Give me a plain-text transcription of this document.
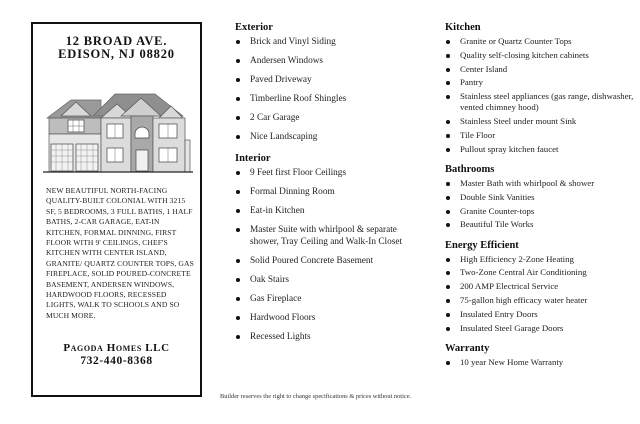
12 BROAD AVE.
EDISON, NJ 08820
NEW BEAUTIFUL NORTH-FACING QUALITY-BUILT COLONIAL WITH 3215 SF, 5 BEDROOMS, 3 FULL BATHS, 1 HALF BATHS, 2-CAR GARAGE, EAT-IN KITCHEN, FORMAL DINNING, FIRST FLOOR WITH 9' CEILINGS, CHEF'S KITCHEN WITH CENTER ISLAND, GRANITE/ QUARTZ COUNTER TOPS, GAS FIREPLACE, SOLID POURED-CONCRETE BASEMENT, ANDERSEN WINDOWS, HARDWOOD FLOORS, RECESSED LIGHTS, WALK TO SCHOOLS AND SO MUCH MORE.
Pagoda Homes LLC
732-440-8368
Exterior
Brick and Vinyl Siding
Andersen Windows
Paved Driveway
Timberline Roof Shingles
2 Car Garage
Nice Landscaping
Interior
9 Feet first Floor Ceilings
Formal Dinning Room
Eat-in Kitchen
Master Suite with whirlpool & separate shower, Tray Ceiling and Walk-In Closet
Solid Poured Concrete Basement
Oak Stairs
Gas Fireplace
Hardwood Floors
Recessed Lights
Kitchen
Granite or Quartz Counter Tops
Quality self-closing kitchen cabinets
Center Island
Pantry
Stainless steel appliances (gas range, dishwasher, vented chimney hood)
Stainless Steel under mount Sink
Tile Floor
Pullout spray kitchen faucet
Bathrooms
Master Bath with whirlpool & shower
Double Sink Vanities
Granite Counter-tops
Beautiful Tile Works
Energy Efficient
High Efficiency 2-Zone Heating
Two-Zone Central Air Conditioning
200 AMP Electrical Service
75-gallon high efficacy water heater
Insulated Entry Doors
Insulated Steel Garage Doors
Warranty
10 year New Home Warranty
Builder reserves the right to change specifications & prices without notice.
